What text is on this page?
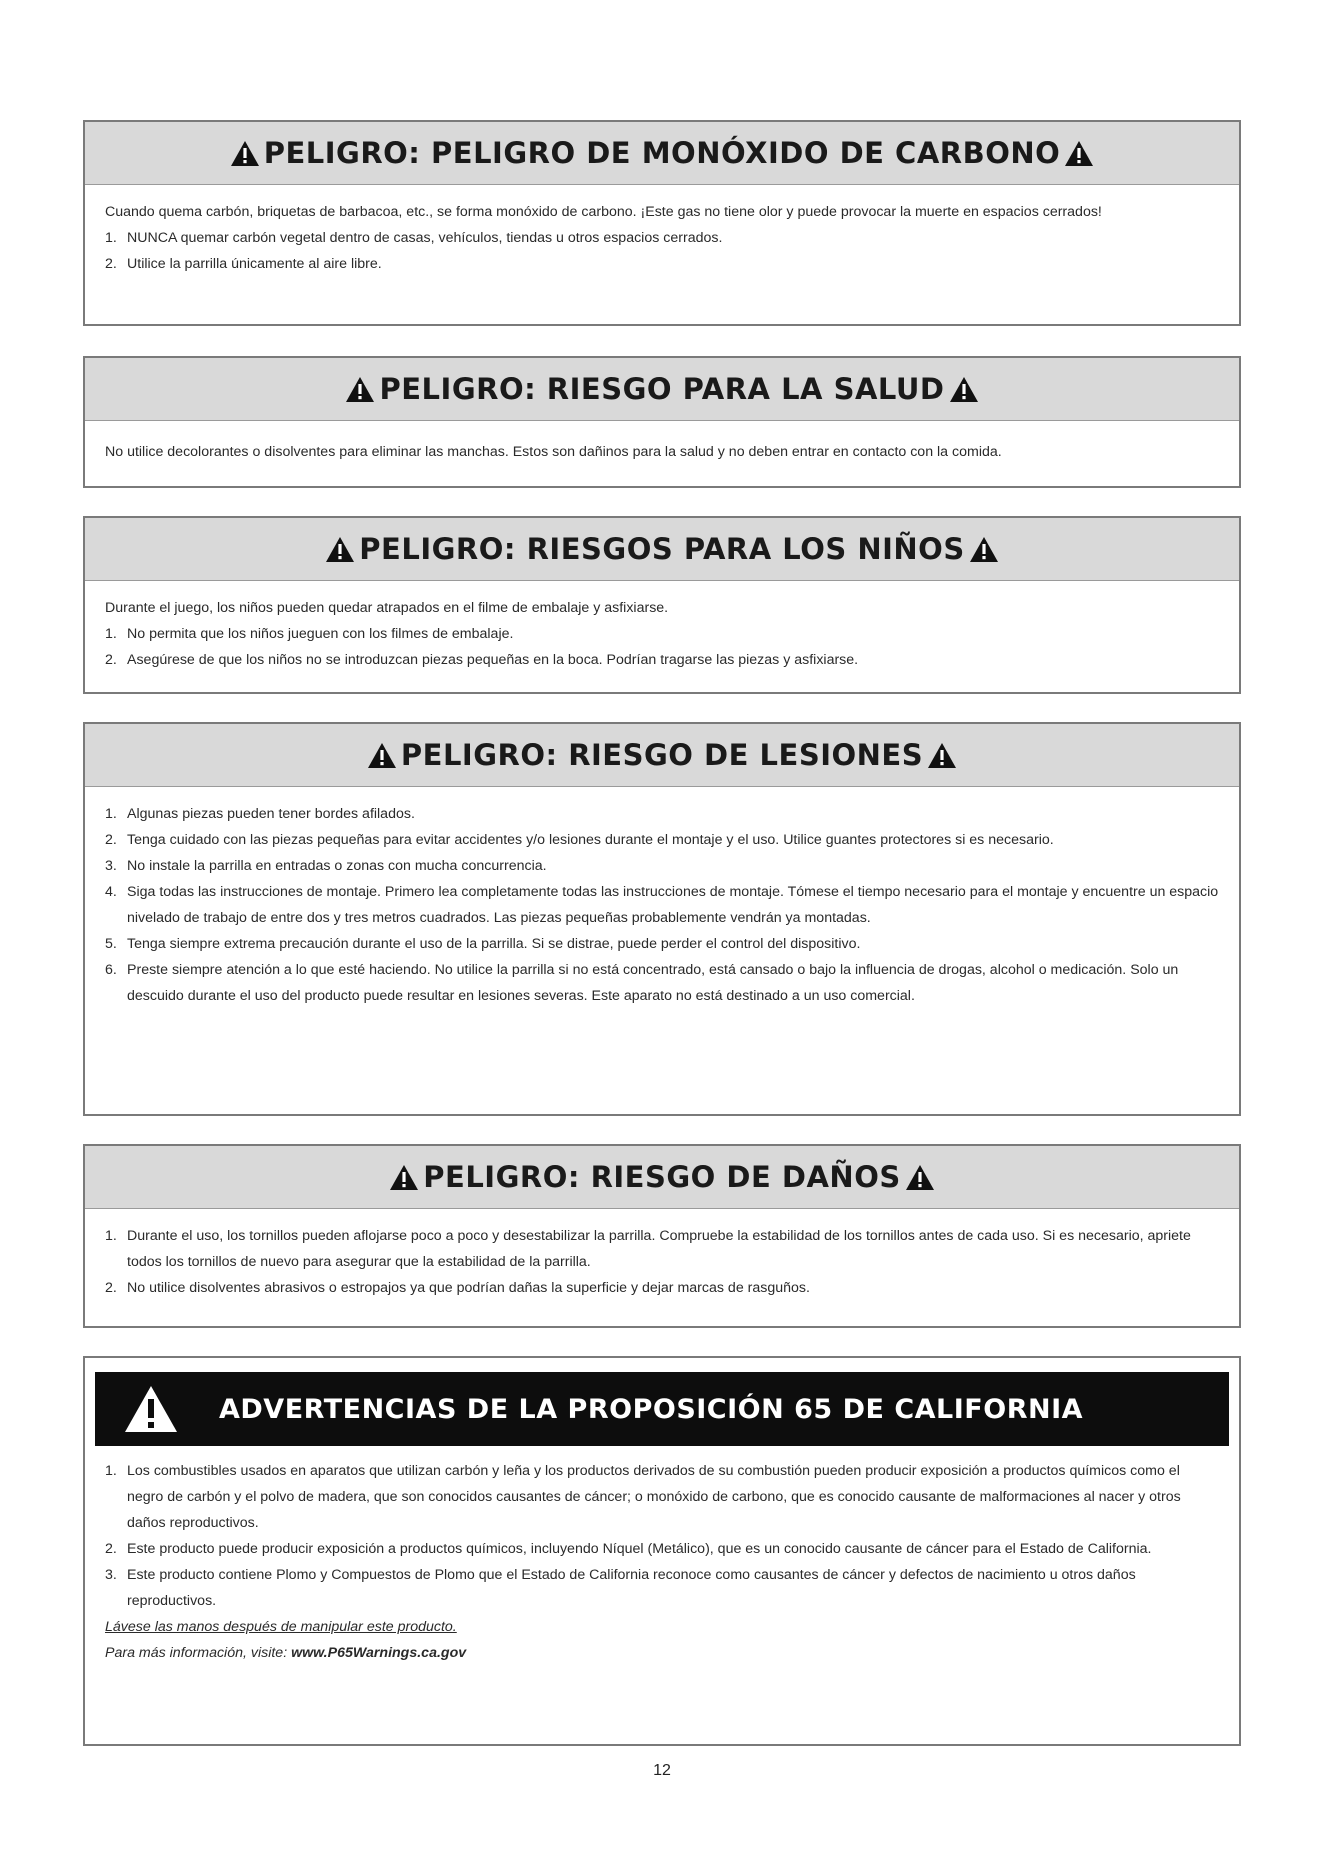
PELIGRO: PELIGRO DE MONÓXIDO DE CARBONO

Cuando quema carbón, briquetas de barbacoa, etc., se forma monóxido de carbono. ¡Este gas no tiene olor y puede provocar la muerte en espacios cerrados!

1. NUNCA quemar carbón vegetal dentro de casas, vehículos, tiendas u otros espacios cerrados.
2. Utilice la parrilla únicamente al aire libre.
PELIGRO: RIESGO PARA LA SALUD

No utilice decolorantes o disolventes para eliminar las manchas. Estos son dañinos para la salud y no deben entrar en contacto con la comida.

PELIGRO: RIESGOS PARA LOS NIÑOS

Durante el juego, los niños pueden quedar atrapados en el filme de embalaje y asfixiarse.

1. No permita que los niños jueguen con los filmes de embalaje.
2. Asegúrese de que los niños no se introduzcan piezas pequeñas en la boca. Podrían tragarse las piezas y asfixiarse.
PELIGRO: RIESGO DE LESIONES
1. Algunas piezas pueden tener bordes afilados.
2. Tenga cuidado con las piezas pequeñas para evitar accidentes y/o lesiones durante el montaje y el uso. Utilice guantes protectores si es necesario.
3. No instale la parrilla en entradas o zonas con mucha concurrencia.
4. Siga todas las instrucciones de montaje. Primero lea completamente todas las instrucciones de montaje. Tómese el tiempo necesario para el montaje y encuentre un espacio nivelado de trabajo de entre dos y tres metros cuadrados. Las piezas pequeñas probablemente vendrán ya montadas.
5. Tenga siempre extrema precaución durante el uso de la parrilla. Si se distrae, puede perder el control del dispositivo.
6. Preste siempre atención a lo que esté haciendo. No utilice la parrilla si no está concentrado, está cansado o bajo la influencia de drogas, alcohol o medicación. Solo un descuido durante el uso del producto puede resultar en lesiones severas. Este aparato no está destinado a un uso comercial.
PELIGRO: RIESGO DE DAÑOS
1. Durante el uso, los tornillos pueden aflojarse poco a poco y desestabilizar la parrilla. Compruebe la estabilidad de los tornillos antes de cada uso. Si es necesario, apriete todos los tornillos de nuevo para asegurar que la estabilidad de la parrilla.
2. No utilice disolventes abrasivos o estropajos ya que podrían dañas la superficie y dejar marcas de rasguños.
ADVERTENCIAS DE LA PROPOSICIÓN 65 DE CALIFORNIA
1. Los combustibles usados en aparatos que utilizan carbón y leña y los productos derivados de su combustión pueden producir exposición a productos químicos como el negro de carbón y el polvo de madera, que son conocidos causantes de cáncer; o monóxido de carbono, que es conocido causante de malformaciones al nacer y otros daños reproductivos.
2. Este producto puede producir exposición a productos químicos, incluyendo Níquel (Metálico), que es un conocido causante de cáncer para el Estado de California.
3. Este producto contiene Plomo y Compuestos de Plomo que el Estado de California reconoce como causantes de cáncer y defectos de nacimiento u otros daños reproductivos.

Lávese las manos después de manipular este producto.

Para más información, visite: www.P65Warnings.ca.gov

12
